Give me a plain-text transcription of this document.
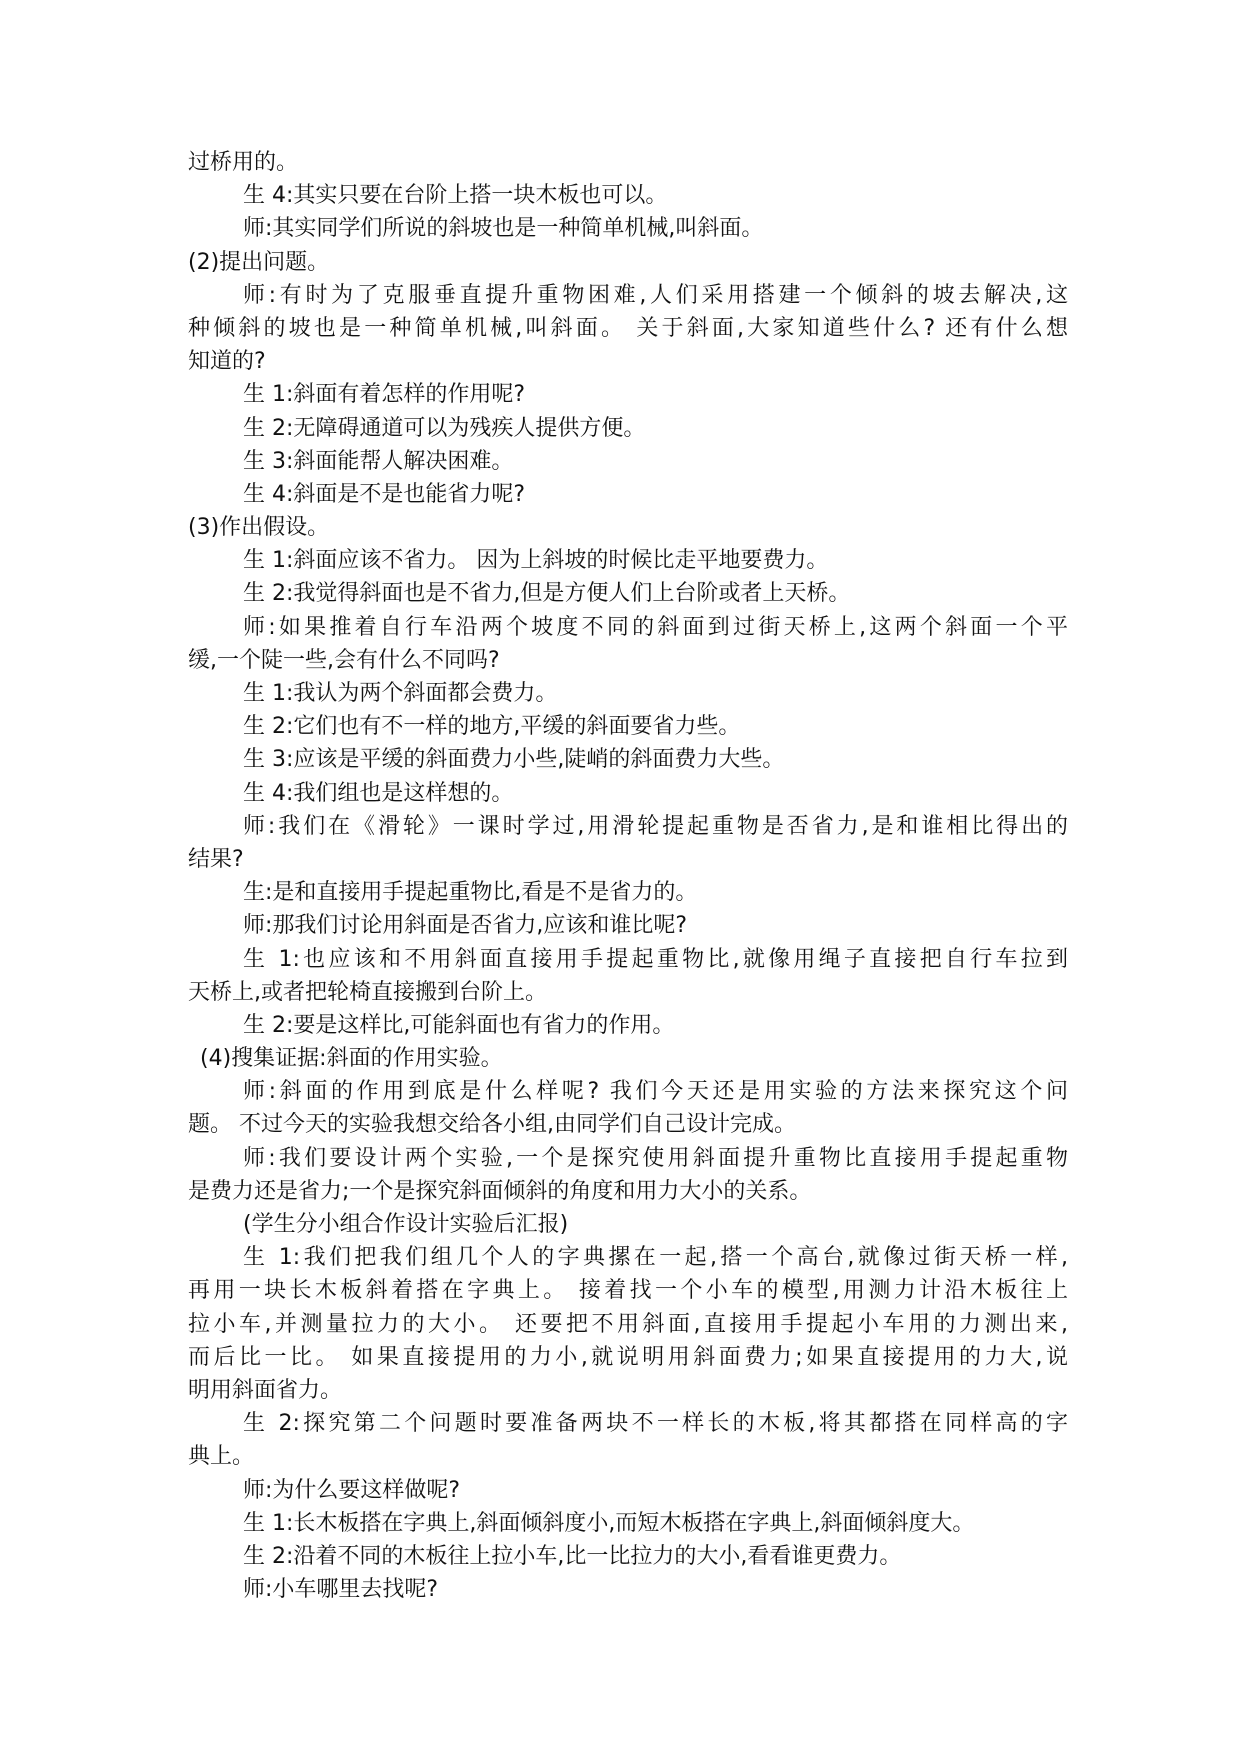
过桥用的。
生 4:其实只要在台阶上搭一块木板也可以。
师:其实同学们所说的斜坡也是一种简单机械,叫斜面。
(2)提出问题。
师:有时为了克服垂直提升重物困难,人们采用搭建一个倾斜的坡去解决,这
种倾斜的坡也是一种简单机械,叫斜面。 关于斜面,大家知道些什么? 还有什么想
知道的?
生 1:斜面有着怎样的作用呢?
生 2:无障碍通道可以为残疾人提供方便。
生 3:斜面能帮人解决困难。
生 4:斜面是不是也能省力呢?
(3)作出假设。
生 1:斜面应该不省力。 因为上斜坡的时候比走平地要费力。
生 2:我觉得斜面也是不省力,但是方便人们上台阶或者上天桥。
师:如果推着自行车沿两个坡度不同的斜面到过街天桥上,这两个斜面一个平
缓,一个陡一些,会有什么不同吗?
生 1:我认为两个斜面都会费力。
生 2:它们也有不一样的地方,平缓的斜面要省力些。
生 3:应该是平缓的斜面费力小些,陡峭的斜面费力大些。
生 4:我们组也是这样想的。
师:我们在《滑轮》一课时学过,用滑轮提起重物是否省力,是和谁相比得出的
结果?
生:是和直接用手提起重物比,看是不是省力的。
师:那我们讨论用斜面是否省力,应该和谁比呢?
生 1:也应该和不用斜面直接用手提起重物比,就像用绳子直接把自行车拉到
天桥上,或者把轮椅直接搬到台阶上。
生 2:要是这样比,可能斜面也有省力的作用。
(4)搜集证据:斜面的作用实验。
师:斜面的作用到底是什么样呢? 我们今天还是用实验的方法来探究这个问
题。 不过今天的实验我想交给各小组,由同学们自己设计完成。
师:我们要设计两个实验,一个是探究使用斜面提升重物比直接用手提起重物
是费力还是省力;一个是探究斜面倾斜的角度和用力大小的关系。
(学生分小组合作设计实验后汇报)
生 1:我们把我们组几个人的字典摞在一起,搭一个高台,就像过街天桥一样,
再用一块长木板斜着搭在字典上。 接着找一个小车的模型,用测力计沿木板往上
拉小车,并测量拉力的大小。 还要把不用斜面,直接用手提起小车用的力测出来,
而后比一比。 如果直接提用的力小,就说明用斜面费力;如果直接提用的力大,说
明用斜面省力。
生 2:探究第二个问题时要准备两块不一样长的木板,将其都搭在同样高的字
典上。
师:为什么要这样做呢?
生 1:长木板搭在字典上,斜面倾斜度小,而短木板搭在字典上,斜面倾斜度大。
生 2:沿着不同的木板往上拉小车,比一比拉力的大小,看看谁更费力。
师:小车哪里去找呢?
